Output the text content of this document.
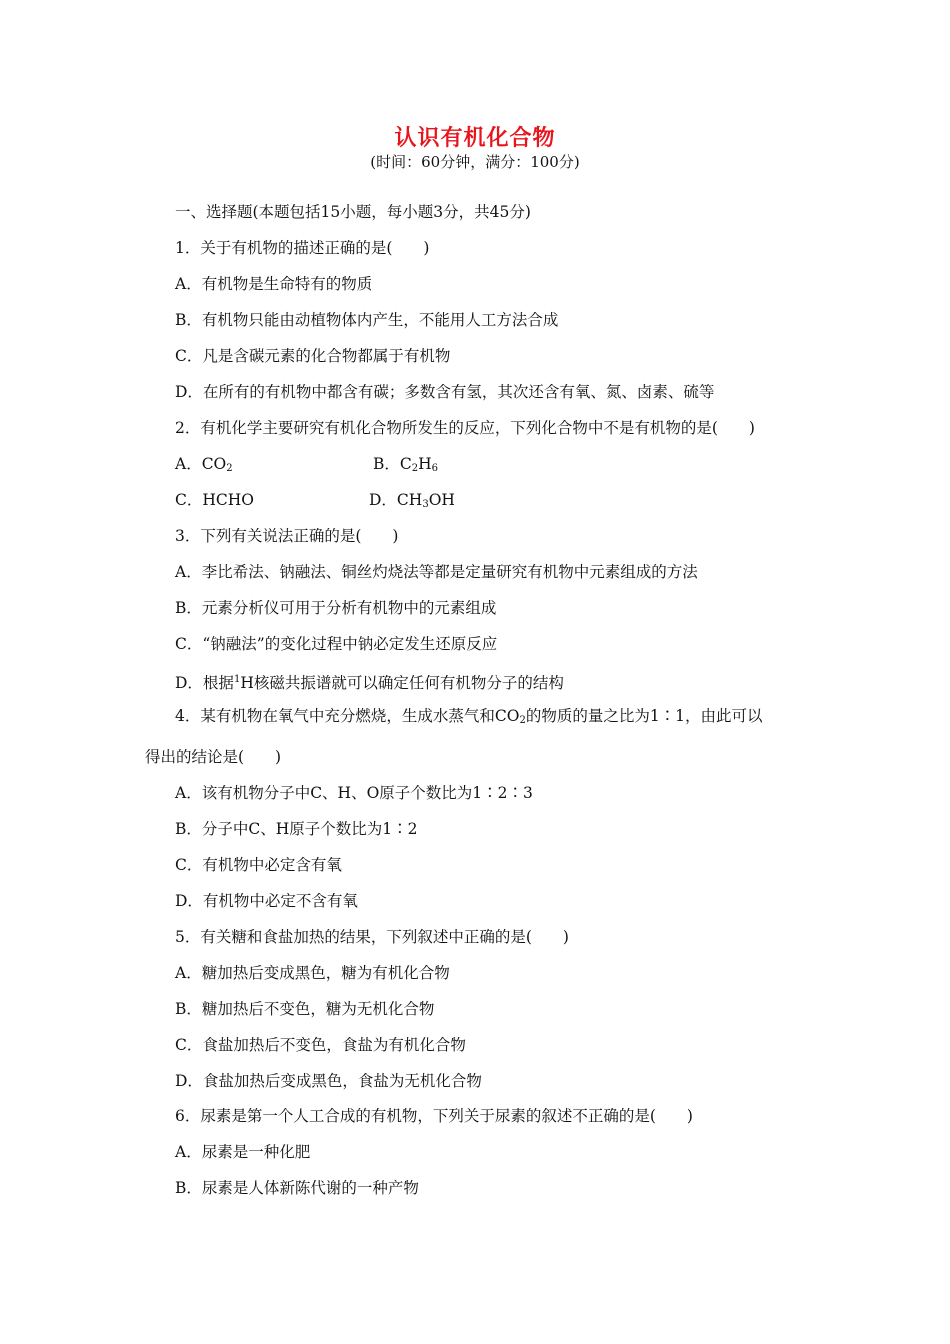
认识有机化合物
(时间：60分钟，满分：100分)
一、选择题(本题包括15小题，每小题3分，共45分)
1．关于有机物的描述正确的是(　　)
A．有机物是生命特有的物质
B．有机物只能由动植物体内产生，不能用人工方法合成
C．凡是含碳元素的化合物都属于有机物
D．在所有的有机物中都含有碳；多数含有氢，其次还含有氧、氮、卤素、硫等
2．有机化学主要研究有机化合物所发生的反应，下列化合物中不是有机物的是(　　)
A．$CO_2$	B．$C_2H_6$
C．HCHO	D．$CH_3OH$
3．下列有关说法正确的是(　　)
A．李比希法、钠融法、铜丝灼烧法等都是定量研究有机物中元素组成的方法
B．元素分析仪可用于分析有机物中的元素组成
C．“钠融法”的变化过程中钠必定发生还原反应
D．根据$^1$H核磁共振谱就可以确定任何有机物分子的结构
4．某有机物在氧气中充分燃烧，生成水蒸气和$CO_2$的物质的量之比为1∶1，由此可以
得出的结论是(　　)
A．该有机物分子中C、H、O原子个数比为1∶2∶3
B．分子中C、H原子个数比为1∶2
C．有机物中必定含有氧
D．有机物中必定不含有氧
5．有关糖和食盐加热的结果，下列叙述中正确的是(　　)
A．糖加热后变成黑色，糖为有机化合物
B．糖加热后不变色，糖为无机化合物
C．食盐加热后不变色，食盐为有机化合物
D．食盐加热后变成黑色，食盐为无机化合物
6．尿素是第一个人工合成的有机物，下列关于尿素的叙述不正确的是(　　)
A．尿素是一种化肥
B．尿素是人体新陈代谢的一种产物
